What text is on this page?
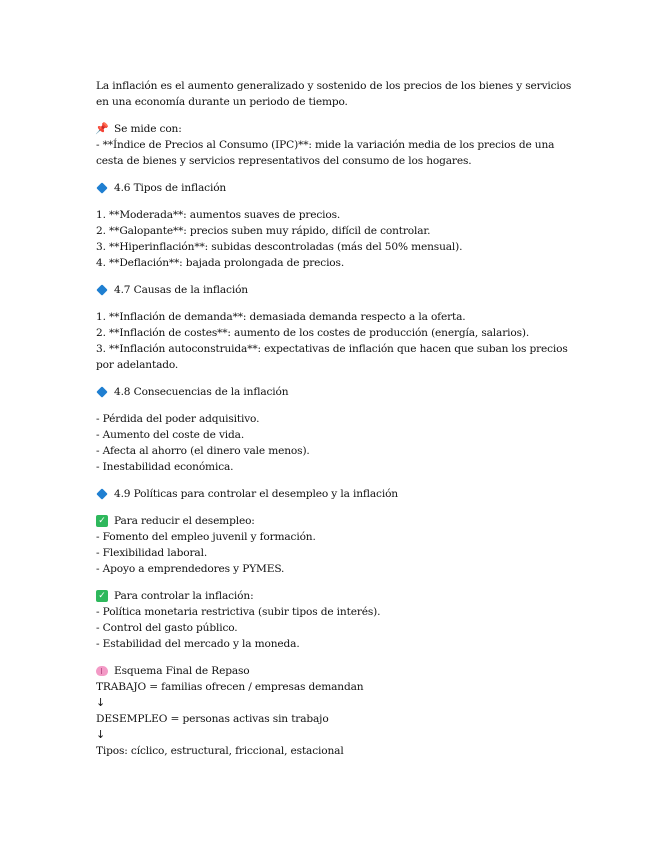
La inflación es el aumento generalizado y sostenido de los precios de los bienes y servicios
en una economía durante un periodo de tiempo.
📌 Se mide con:
- **Índice de Precios al Consumo (IPC)**: mide la variación media de los precios de una
cesta de bienes y servicios representativos del consumo de los hogares.
4.6 Tipos de inflación
1. **Moderada**: aumentos suaves de precios.
2. **Galopante**: precios suben muy rápido, difícil de controlar.
3. **Hiperinflación**: subidas descontroladas (más del 50% mensual).
4. **Deflación**: bajada prolongada de precios.
4.7 Causas de la inflación
1. **Inflación de demanda**: demasiada demanda respecto a la oferta.
2. **Inflación de costes**: aumento de los costes de producción (energía, salarios).
3. **Inflación autoconstruida**: expectativas de inflación que hacen que suban los precios
por adelantado.
4.8 Consecuencias de la inflación
- Pérdida del poder adquisitivo.
- Aumento del coste de vida.
- Afecta al ahorro (el dinero vale menos).
- Inestabilidad económica.
4.9 Políticas para controlar el desempleo y la inflación
✓ Para reducir el desempleo:
- Fomento del empleo juvenil y formación.
- Flexibilidad laboral.
- Apoyo a emprendedores y PYMES.
✓ Para controlar la inflación:
- Política monetaria restrictiva (subir tipos de interés).
- Control del gasto público.
- Estabilidad del mercado y la moneda.
Esquema Final de Repaso
TRABAJO = familias ofrecen / empresas demandan
↓
DESEMPLEO = personas activas sin trabajo
↓
Tipos: cíclico, estructural, friccional, estacional
